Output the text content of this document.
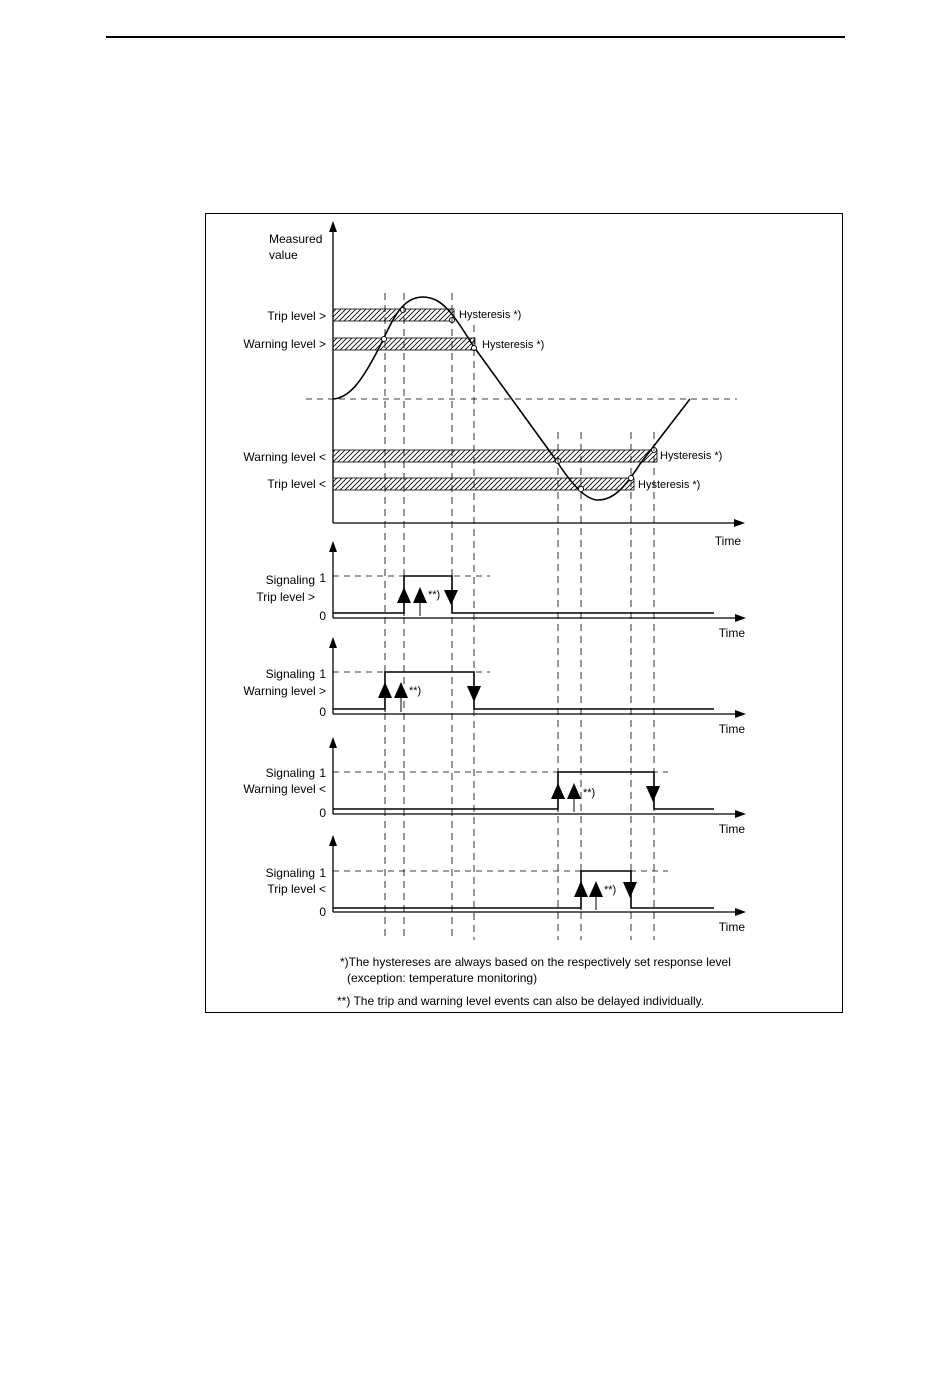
Measured
value
Trip level >
Warning level >
Warning level <
Trip level <
Hysteresis *)
Hysteresis *)
Hysteresis *)
Hysteresis *)
Time
**)
Signaling
Trip level >
1
0
Time
**)
Signaling
Warning level >
1
0
Time
**)
Signaling
Warning level <
1
0
Time
**)
Signaling
Trip level <
1
0
Time
*)The hystereses are always based on the respectively set response level
(exception: temperature monitoring)
**) The trip and warning level events can also be delayed individually.
